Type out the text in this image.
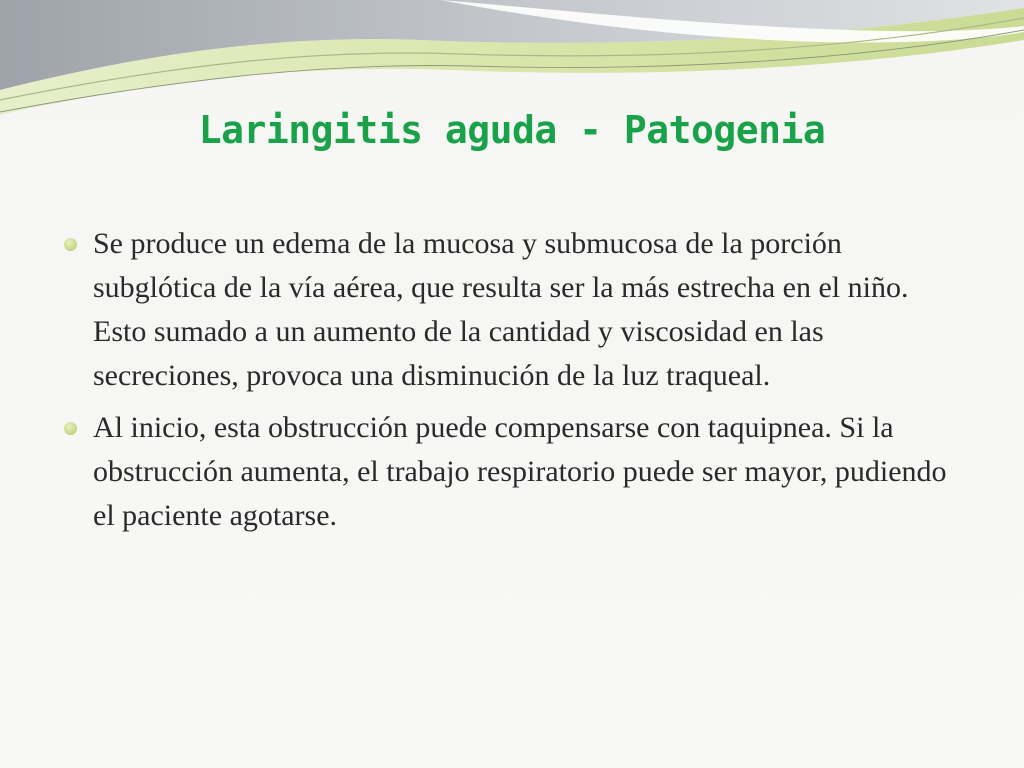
Laringitis aguda - Patogenia
Se produce un edema de la mucosa y submucosa de la porción subglótica de la vía aérea, que resulta ser la más estrecha en el niño. Esto sumado a un aumento de la cantidad y viscosidad en las secreciones, provoca una disminución de la luz traqueal.
Al inicio, esta obstrucción puede compensarse con taquipnea. Si la obstrucción aumenta, el trabajo respiratorio puede ser mayor, pudiendo el paciente agotarse.
